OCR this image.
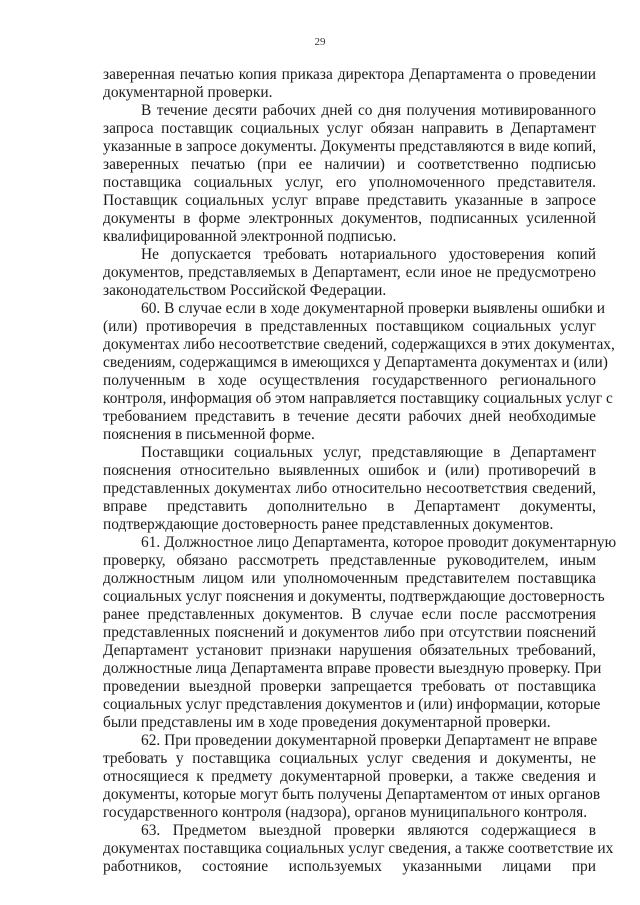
29
заверенная печатью копия приказа директора Департамента о проведении
документарной проверки.
В течение десяти рабочих дней со дня получения мотивированного
запроса поставщик социальных услуг обязан направить в Департамент
указанные в запросе документы. Документы представляются в виде копий,
заверенных печатью (при ее наличии) и соответственно подписью
поставщика социальных услуг, его уполномоченного представителя.
Поставщик социальных услуг вправе представить указанные в запросе
документы в форме электронных документов, подписанных усиленной
квалифицированной электронной подписью.
Не допускается требовать нотариального удостоверения копий
документов, представляемых в Департамент, если иное не предусмотрено
законодательством Российской Федерации.
60. В случае если в ходе документарной проверки выявлены ошибки и
(или) противоречия в представленных поставщиком социальных услуг
документах либо несоответствие сведений, содержащихся в этих документах,
сведениям, содержащимся в имеющихся у Департамента документах и (или)
полученным в ходе осуществления государственного регионального
контроля, информация об этом направляется поставщику социальных услуг с
требованием представить в течение десяти рабочих дней необходимые
пояснения в письменной форме.
Поставщики социальных услуг, представляющие в Департамент
пояснения относительно выявленных ошибок и (или) противоречий в
представленных документах либо относительно несоответствия сведений,
вправе представить дополнительно в Департамент документы,
подтверждающие достоверность ранее представленных документов.
61. Должностное лицо Департамента, которое проводит документарную
проверку, обязано рассмотреть представленные руководителем, иным
должностным лицом или уполномоченным представителем поставщика
социальных услуг пояснения и документы, подтверждающие достоверность
ранее представленных документов. В случае если после рассмотрения
представленных пояснений и документов либо при отсутствии пояснений
Департамент установит признаки нарушения обязательных требований,
должностные лица Департамента вправе провести выездную проверку. При
проведении выездной проверки запрещается требовать от поставщика
социальных услуг представления документов и (или) информации, которые
были представлены им в ходе проведения документарной проверки.
62. При проведении документарной проверки Департамент не вправе
требовать у поставщика социальных услуг сведения и документы, не
относящиеся к предмету документарной проверки, а также сведения и
документы, которые могут быть получены Департаментом от иных органов
государственного контроля (надзора), органов муниципального контроля.
63. Предметом выездной проверки являются содержащиеся в
документах поставщика социальных услуг сведения, а также соответствие их
работников, состояние используемых указанными лицами при
